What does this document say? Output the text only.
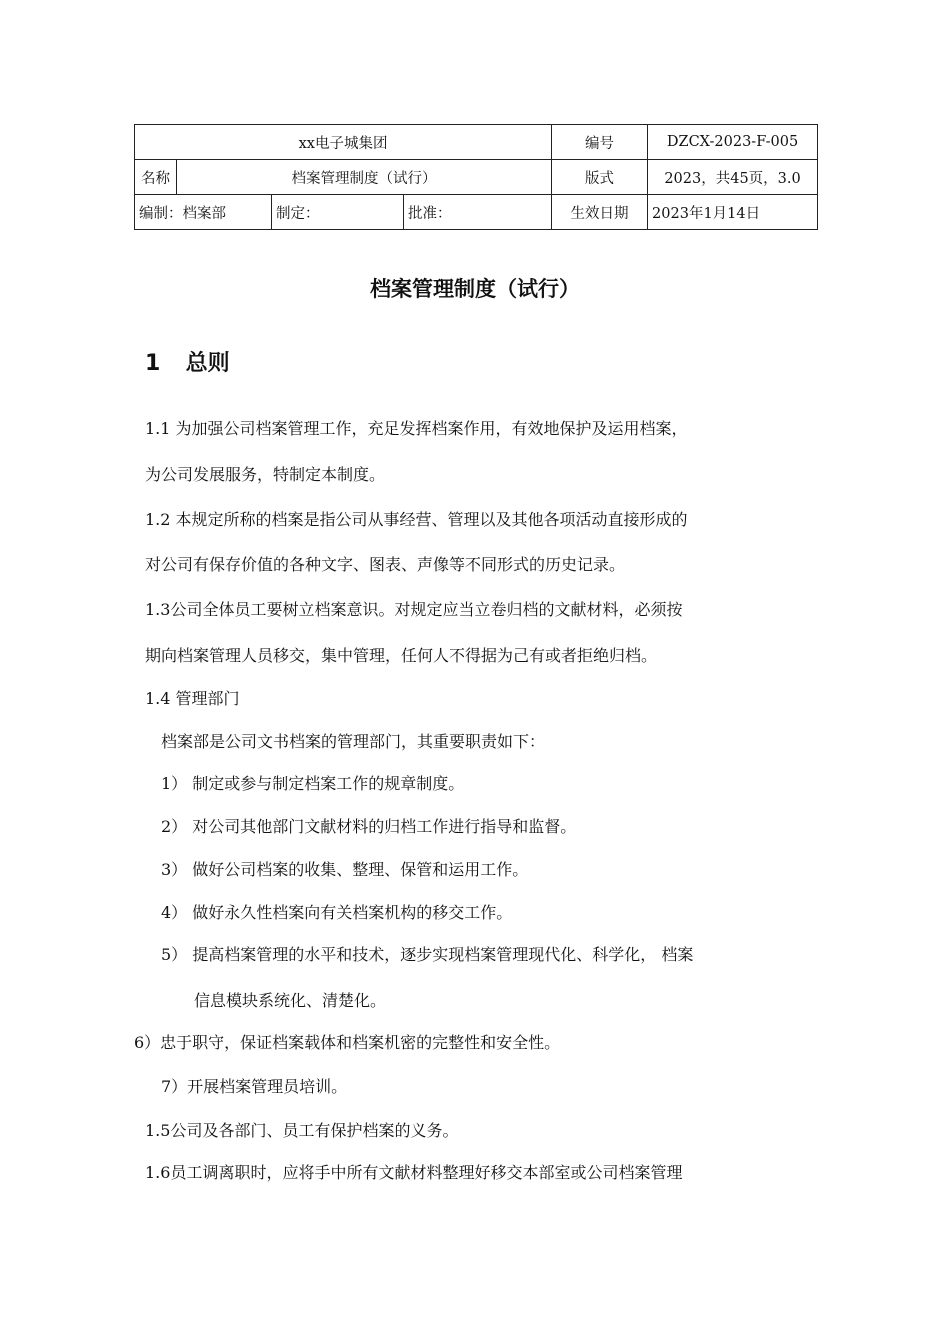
xx电子城集团				编号	DZCX-2023-F-005
名称	档案管理制度（试行）			版式	2023，共45页，3.0
编制：档案部		制定：	批准：	生效日期	2023年1月14日
档案管理制度（试行）
1 总则
1.1 为加强公司档案管理工作，充足发挥档案作用，有效地保护及运用档案，
为公司发展服务，特制定本制度。
1.2 本规定所称的档案是指公司从事经营、管理以及其他各项活动直接形成的
对公司有保存价值的各种文字、图表、声像等不同形式的历史记录。
1.3公司全体员工要树立档案意识。对规定应当立卷归档的文献材料，必须按
期向档案管理人员移交，集中管理，任何人不得据为己有或者拒绝归档。
1.4 管理部门
档案部是公司文书档案的管理部门，其重要职责如下：
1） 制定或参与制定档案工作的规章制度。
2） 对公司其他部门文献材料的归档工作进行指导和监督。
3） 做好公司档案的收集、整理、保管和运用工作。
4） 做好永久性档案向有关档案机构的移交工作。
5） 提高档案管理的水平和技术，逐步实现档案管理现代化、科学化， 档案
信息模块系统化、清楚化。
6）忠于职守，保证档案载体和档案机密的完整性和安全性。
7）开展档案管理员培训。
1.5公司及各部门、员工有保护档案的义务。
1.6员工调离职时，应将手中所有文献材料整理好移交本部室或公司档案管理
